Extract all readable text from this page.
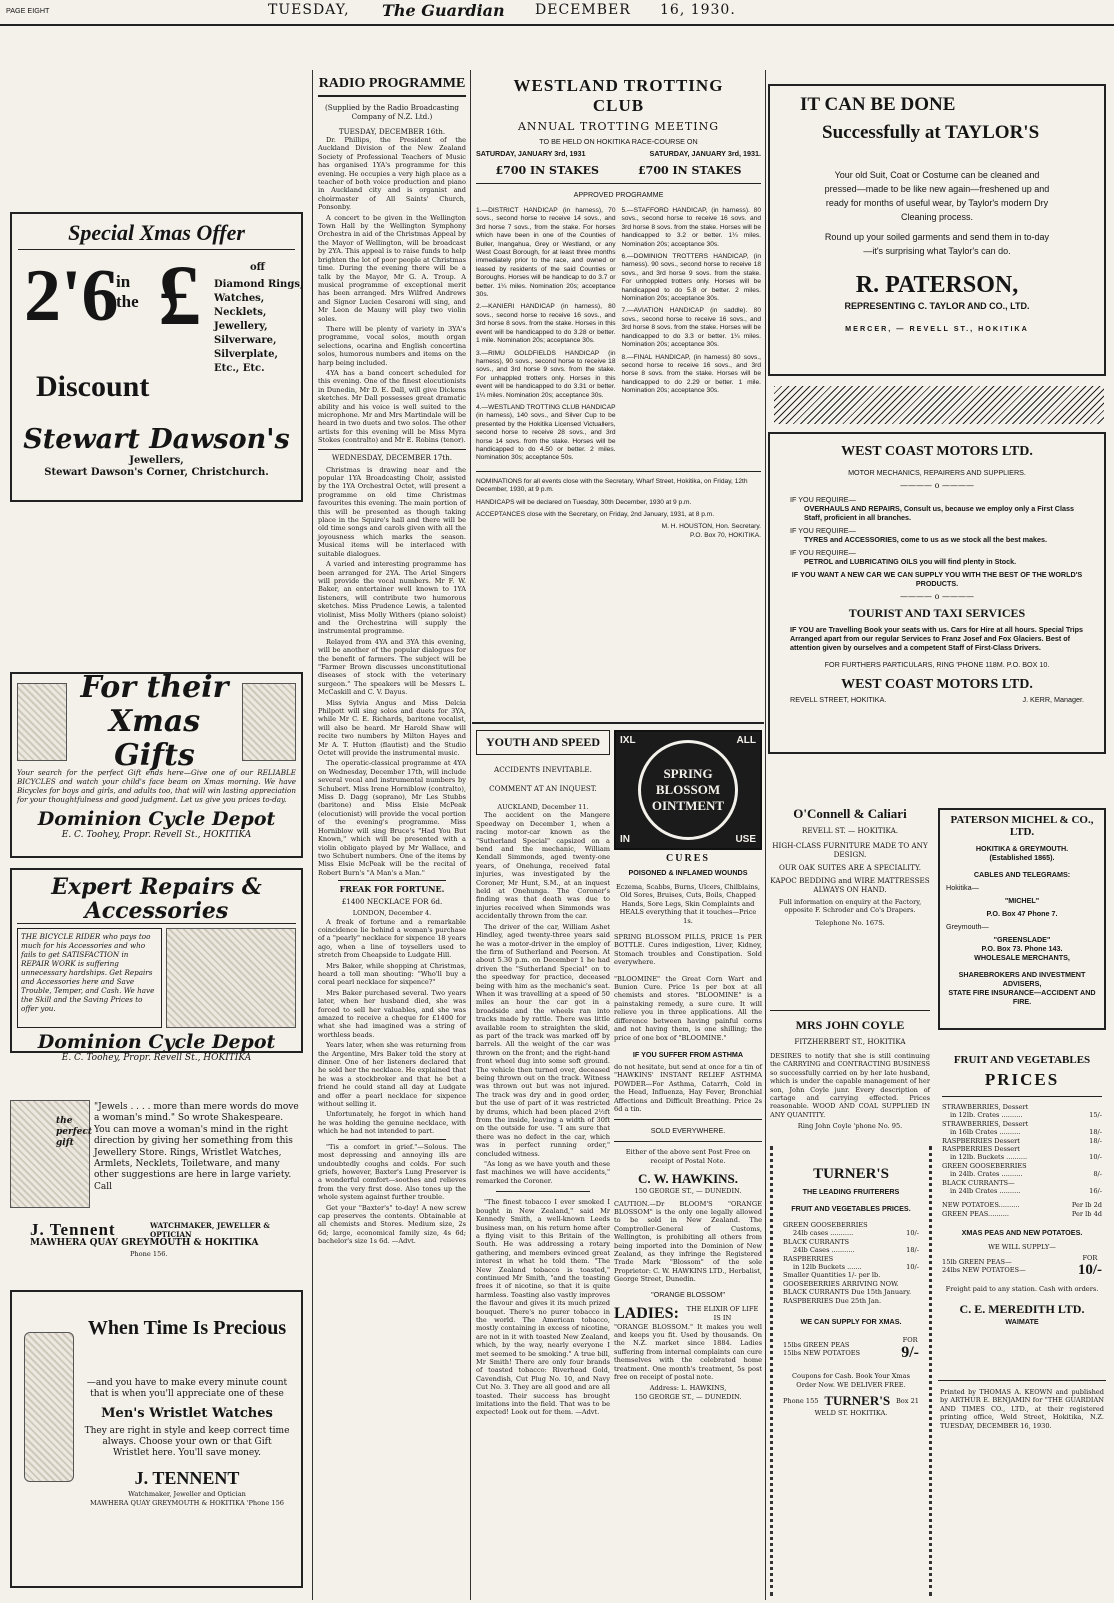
PAGE EIGHT	TUESDAY, The Guardian DECEMBER 16, 1930.
Special Xmas Offer
2'6
in the £	off
Diamond Rings,
Watches,
Necklets,
Jewellery,
Silverware,
Silverplate,
Etc., Etc.
Discount
Stewart Dawson's
Jewellers,
Stewart Dawson's Corner, Christchurch.
For their Xmas Gifts
Your search for the perfect Gift ends here—Give one of our RELIABLE BICYCLES and watch your child's face beam on Xmas morning. We have Bicycles for boys and girls, and adults too, that will win lasting appreciation for your thoughtfulness and good judgment. Let us give you prices to-day.
Dominion Cycle Depot
E. C. Toohey, Propr. Revell St., HOKITIKA
Expert Repairs & Accessories
THE BICYCLE RIDER who pays too much for his Accessories and who fails to get SATISFACTION in REPAIR WORK is suffering unnecessary hardships. Get Repairs and Accessories here and Save Trouble, Temper, and Cash. We have the Skill and the Saving Prices to offer you.
Dominion Cycle Depot
E. C. Toohey, Propr. Revell St., HOKITIKA
the perfect gift
"Jewels . . . . more than mere words do move a woman's mind." So wrote Shakespeare. You can move a woman's mind in the right direction by giving her something from this Jewellery Store. Rings, Wristlet Watches, Armlets, Necklets, Toiletware, and many other suggestions are here in large variety. Call
J. Tennent	WATCHMAKER, JEWELLER & OPTICIAN
MAWHERA QUAY GREYMOUTH & HOKITIKA
Phone 156.
When Time Is Precious
—and you have to make every minute count that is when you'll appreciate one of these
Men's Wristlet Watches
They are right in style and keep correct time always. Choose your own or that Gift Wristlet here. You'll save money.
J. TENNENT
Watchmaker, Jeweller and Optician
MAWHERA QUAY GREYMOUTH & HOKITIKA 'Phone 156
RADIO PROGRAMME
(Supplied by the Radio Broadcasting Company of N.Z. Ltd.)
TUESDAY, DECEMBER 16th.
Dr. Phillips, the President of the Auckland Division of the New Zealand Society of Professional Teachers of Music has organised 1YA's programme for this evening. He occupies a very high place as a teacher of both voice production and piano in Auckland city and is organist and choirmaster of All Saints' Church, Ponsonby.
A concert to be given in the Wellington Town Hall by the Wellington Symphony Orchestra in aid of the Christmas Appeal by the Mayor of Wellington, will be broadcast by 2YA. This appeal is to raise funds to help brighten the lot of poor people at Christmas time. During the evening there will be a talk by the Mayor, Mr G. A. Troup. A musical programme of exceptional merit has been arranged. Mrs Wilfred Andrews and Signor Lucien Cesaroni will sing, and Mr Leon de Mauny will play two violin soles.
There will be plenty of variety in 3YA's programme, vocal solos, mouth organ selections, ocarina and English concertina solos, humorous numbers and items on the harp being included.
4YA has a band concert scheduled for this evening. One of the finest elocutionists in Dunedin, Mr D. E. Dall, will give Dickens sketches. Mr Dall possesses great dramatic ability and his voice is well suited to the microphone. Mr and Mrs Martindale will be heard in two duets and two solos. The other artists for this evening will be Miss Myra Stokes (contralto) and Mr E. Robins (tenor).
WEDNESDAY, DECEMBER 17th.
Christmas is drawing near and the popular 1YA Broadcasting Choir, assisted by the 1YA Orchestral Octet, will present a programme on old time Christmas favourites this evening. The main portion of this will be presented as though taking place in the Squire's hall and there will be old time songs and carols given with all the joyousness which marks the season. Musical items will be interlaced with suitable dialogues.
A varied and interesting programme has been arranged for 2YA. The Ariel Singers will provide the vocal numbers. Mr F. W. Baker, an entertainer well known to 1YA listeners, will contribute two humorous sketches. Miss Prudence Lewis, a talented violinist, Miss Molly Withers (piano soloist) and the Orchestrina will supply the instrumental programme.
Relayed from 4YA and 3YA this evening, will be another of the popular dialogues for the benefit of farmers. The subject will be "Farmer Brown discusses unconstitutional diseases of stock with the veterinary surgeon." The speakers will be Messrs L. McCaskill and C. V. Dayus.
Miss Sylvia Angus and Miss Delcia Philpott will sing solos and duets for 3YA, while Mr C. E. Richards, baritone vocalist, will also be heard. Mr Harold Shaw will recite two numbers by Milton Hayes and Mr A. T. Hutton (flautist) and the Studio Octet will provide the instrumental music.
The operatic-classical programme at 4YA on Wednesday, December 17th, will include several vocal and instrumental numbers by Schubert. Miss Irene Horniblow (contralto), Miss D. Dagg (soprano), Mr Les Stubbs (baritone) and Miss Elsie McPeak (elocutionist) will provide the vocal portion of the evening's programme. Miss Horniblow will sing Bruce's "Had You But Known," which will be presented with a violin obligato played by Mr Wallace, and two Schubert numbers. One of the items by Miss Elsie McPeak will be the recital of Robert Burn's "A Man's a Man."
FREAK FOR FORTUNE.
£1400 NECKLACE FOR 6d.
LONDON, December 4.
A freak of fortune and a remarkable coincidence lie behind a woman's purchase of a "pearly" necklace for sixpence 18 years ago, when a line of toysellers used to stretch from Cheapside to Ludgate Hill.
Mrs Baker, while shopping at Christmas, heard a toll man shouting: "Who'll buy a coral pearl necklace for sixpence?"
Mrs Baker purchased several. Two years later, when her husband died, she was forced to sell her valuables, and she was amazed to receive a cheque for £1400 for what she had imagined was a string of worthless beads.
Years later, when she was returning from the Argentine, Mrs Baker told the story at dinner. One of her listeners declared that he sold her the necklace. He explained that he was a stockbroker and that he bet a friend he could stand all day at Ludgate and offer a pearl necklace for sixpence without selling it.
Unfortunately, he forgot in which hand he was holding the genuine necklace, with which he had not intended to part.
"Tis a comfort in grief."—Solous. The most depressing and annoying ills are undoubtedly coughs and colds. For such griefs, however, Baxter's Lung Preserver is a wonderful comfort—soothes and relieves from the very first dose. Also tones up the whole system against further trouble.
Get your "Baxter's" to-day! A new screw cap preserves the contents. Obtainable at all chemists and Stores. Medium size, 2s 6d; large, economical family size, 4s 6d; bachelor's size 1s 6d. —Advt.
WESTLAND TROTTING
CLUB
ANNUAL TROTTING MEETING
TO BE HELD ON HOKITIKA RACE-COURSE ON
SATURDAY, JANUARY 3rd, 1931	SATURDAY, JANUARY 3rd, 1931.
£700 IN STAKES	£700 IN STAKES
APPROVED PROGRAMME
1.—DISTRICT HANDICAP (in harness), 70 sovs., second horse to receive 14 sovs., and 3rd horse 7 sovs., from the stake. For horses which have been in one of the Counties of Buller, Inangahua, Grey or Westland, or any West Coast Borough, for at least three months immediately prior to the race, and owned or leased by residents of the said Counties or Boroughs. Horses will be handicap to do 3.7 or better. 1¼ miles. Nomination 20s; acceptance 30s.
2.—KANIERI HANDICAP (in harness), 80 sovs., second horse to receive 16 sovs., and 3rd horse 8 sovs. from the stake. Horses in this event will be handicapped to do 3.28 or better. 1 mile. Nomination 20s; acceptance 30s.
3.—RIMU GOLDFIELDS HANDICAP (in harness), 90 sovs., second horse to receive 18 sovs., and 3rd horse 9 sovs. from the stake. For unhappled trotters only. Horses in this event will be handicapped to do 3.31 or better. 1¼ miles. Nomination 20s; acceptance 30s.
4.—WESTLAND TROTTING CLUB HANDICAP (in harness), 140 sovs., and Silver Cup to be presented by the Hokitika Licensed Victuallers, second horse to receive 28 sovs., and 3rd horse 14 sovs. from the stake. Horses will be handicapped to do 4.50 or better. 2 miles. Nomination 30s; acceptance 50s.
5.—STAFFORD HANDICAP, (in harness). 80 sovs., second horse to receive 16 sovs. and 3rd horse 8 sovs. from the stake. Horses will be handicapped to 3.2 or better. 1¼ miles. Nomination 20s; acceptance 30s.
6.—DOMINION TROTTERS HANDICAP, (in harness). 90 sovs., second horse to receive 18 sovs., and 3rd horse 9 sovs. from the stake. For unhoppled trotters only. Horses will be handicapped to do 5.8 or better. 2 miles. Nomination 20s; acceptance 30s.
7.—AVIATION HANDICAP (in saddle). 80 sovs., second horse to receive 16 sovs., and 3rd horse 8 sovs. from the stake. Horses will be handicapped to do 3.3 or better. 1¼ miles. Nomination 20s; acceptance 30s.
8.—FINAL HANDICAP, (in harness) 80 sovs., second horse to receive 16 sovs., and 3rd horse 8 sovs. from the stake. Horses will be handicapped to do 2.29 or better. 1 mile. Nomination 20s; acceptance 30s.
NOMINATIONS for all events close with the Secretary, Wharf Street, Hokitika, on Friday, 12th December, 1930, at 9 p.m.
HANDICAPS will be declared on Tuesday, 30th December, 1930 at 9 p.m.
ACCEPTANCES close with the Secretary, on Friday, 2nd January, 1931, at 8 p.m.
M. H. HOUSTON, Hon. Secretary.
P.O. Box 70, HOKITIKA.
YOUTH AND SPEED
ACCIDENTS INEVITABLE.
COMMENT AT AN INQUEST.
AUCKLAND, December 11.
The accident on the Mangere Speedway on December 1, when a racing motor-car known as the "Sutherland Special" capsized on a bend and the mechanic, William Kendall Simmonds, aged twenty-one years, of Onehunga, received fatal injuries, was investigated by the Coroner, Mr Hunt, S.M., at an inquest held at Onehunga. The Coroner's finding was that death was due to injuries received when Simmonds was accidentally thrown from the car.
The driver of the car, William Ashet Hindley, aged twenty-three years said he was a motor-driver in the employ of the firm of Sutherland and Peerson. At about 5.30 p.m. on December 1 he had driven the "Sutherland Special" on to the speedway for practice, deceased being with him as the mechanic's seat. When it was travelling at a speed of 50 miles an hour the car got in a broadside and the wheels ran into tracks made by rattle. There was little available room to straighten the skid, as part of the track was marked off by barrels. All the weight of the car was thrown on the front; and the right-hand front wheel dug into some soft ground. The vehicle then turned over, deceased being thrown out on the track. Witness was thrown out but was not injured. The track was dry and in good order, but the use of part of it was restricted by drums, which had been placed 2½ft from the inside, leaving a width of 30ft on the outside for use. "I am sure that there was no defect in the car, which was in perfect running order," concluded witness.
"As long as we have youth and these fast machines we will have accidents," remarked the Coroner.
"The finest tobacco I ever smoked I bought in New Zealand," said Mr Kennedy Smith, a well-known Leeds business man, on his return home after a flying visit to this Britain of the South. He was addressing a rotary gathering, and members evinced great interest in what he told them. "The New Zealand tobacco is toasted," continued Mr Smith, "and the toasting frees it of nicotine, so that it is quite harmless. Toasting also vastly improves the flavour and gives it its much prized bouquet. There's no purer tobacco in the world. The American tobacco, mostly containing in excess of nicotine, are not in it with toasted New Zealand, which, by the way, nearly everyone I met seemed to be smoking." A true bill, Mr Smith! There are only four brands of toasted tobacco: Riverhead Gold, Cavendish, Cut Plug No. 10, and Navy Cut No. 3. They are all good and are all toasted. Their success has brought imitations into the field. That was to be expected! Look out for them. —Advt.
IXL	ALL
IN	USE
SPRING BLOSSOM OINTMENT
CURES
POISONED & INFLAMED WOUNDS
Eczema, Scabbs, Burns, Ulcers, Chilblains, Old Sores, Bruises, Cuts, Boils, Chapped Hands, Sore Legs, Skin Complaints and HEALS everything that it touches—Price 1s.
SPRING BLOSSOM PILLS, PRICE 1s PER BOTTLE. Cures indigestion, Liver, Kidney, Stomach troubles and Constipation. Sold everywhere.
"BLOOMINE" the Great Corn Wart and Bunion Cure. Price 1s per box at all chemists and stores. "BLOOMINE" is a painstaking remedy, a sure cure. It will relieve you in three applications. All the difference between having painful corns and not having them, is one shilling; the price of one box of "BLOOMINE."
IF YOU SUFFER FROM ASTHMA
do not hesitate, but send at once for a tin of "HAWKINS' INSTANT RELIEF ASTHMA POWDER—For Asthma, Catarrh, Cold in the Head, Influenza, Hay Fever, Bronchial Affections and Difficult Breathing. Price 2s 6d a tin.
SOLD EVERYWHERE.
Either of the above sent Post Free on receipt of Postal Note.
C. W. HAWKINS.
150 GEORGE ST., — DUNEDIN.
CAUTION.—Dr BLOOM'S "ORANGE BLOSSOM" is the only one legally allowed to be sold in New Zealand. The Comptroller-General of Customs, Wellington, is prohibiting all others from being imported into the Dominion of New Zealand, as they infringe the Registered Trade Mark "Blossom" of the sole Proprietor: C. W. HAWKINS LTD., Herbalist, George Street, Dunedin.
"ORANGE BLOSSOM"
LADIES:	THE ELIXIR OF LIFE IS IN
"ORANGE BLOSSOM." It makes you well and keeps you fit. Used by thousands. On the N.Z. market since 1884. Ladies suffering from internal complaints can cure themselves with the celebrated home treatment. One month's treatment, 5s post free on receipt of postal note.
Address: L. HAWKINS,
150 GEORGE ST., — DUNEDIN.
IT CAN BE DONE
Successfully at TAYLOR'S
Your old Suit, Coat or Costume can be cleaned and pressed—made to be like new again—freshened up and ready for months of useful wear, by Taylor's modern Dry Cleaning process.
Round up your soiled garments and send them in to-day—it's surprising what Taylor's can do.
R. PATERSON,
REPRESENTING C. TAYLOR AND CO., LTD.
MERCER, — REVELL ST., HOKITIKA
WEST COAST MOTORS LTD.
MOTOR MECHANICS, REPAIRERS AND SUPPLIERS.
———— o ————
IF YOU REQUIRE—
OVERHAULS AND REPAIRS, Consult us, because we employ only a First Class Staff, proficient in all branches.
IF YOU REQUIRE—
TYRES and ACCESSORIES, come to us as we stock all the best makes.
IF YOU REQUIRE—
PETROL and LUBRICATING OILS you will find plenty in Stock.
IF YOU WANT A NEW CAR WE CAN SUPPLY YOU WITH THE BEST OF THE WORLD'S PRODUCTS.
———— o ————
TOURIST AND TAXI SERVICES
IF YOU are Travelling Book your seats with us. Cars for Hire at all hours. Special Trips Arranged apart from our regular Services to Franz Josef and Fox Glaciers. Best of attention given by ourselves and a competent Staff of First-Class Drivers.
FOR FURTHERS PARTICULARS, RING 'PHONE 118M. P.O. BOX 10.
WEST COAST MOTORS LTD.
REVELL STREET, HOKITIKA.	J. KERR, Manager.
O'Connell & Caliari
REVELL ST. — HOKITIKA.
HIGH-CLASS FURNITURE MADE TO ANY DESIGN.
OUR OAK SUITES ARE A SPECIALITY.
KAPOC BEDDING and WIRE MATTRESSES ALWAYS ON HAND.
Full information on enquiry at the Factory, opposite F. Schroder and Co's Drapers.
Telephone No. 167S.
MRS JOHN COYLE
FITZHERBERT ST., HOKITIKA
DESIRES to notify that she is still continuing the CARRYING and CONTRACTING BUSINESS so successfully carried on by her late husband, which is under the capable management of her son, John Coyle junr. Every description of cartage and carrying effected. Prices reasonable. WOOD AND COAL SUPPLIED IN ANY QUANTITY.
Ring John Coyle 'phone No. 95.
TURNER'S
THE LEADING FRUITERERS
FRUIT AND VEGETABLES PRICES.
GREEN GOOSEBERRIES
24lb cases ...........	10/-
BLACK CURRANTS
24lb Cases ...........	18/-
RASPBERRIES
in 12lb Buckets .......	10/-
Smaller Quantities 1/- per lb.
GOOSEBERRIES ARRIVING NOW.
BLACK CURRANTS Due 15th January.
RASPBERRIES Due 25th Jan.
WE CAN SUPPLY FOR XMAS.
15lbs GREEN PEAS
15lbs NEW POTATOES
FOR
9/-
Coupons for Cash. Book Your Xmas Order Now. WE DELIVER FREE.
Phone 155 TURNER'S Box 21
WELD ST. HOKITIKA.
PATERSON MICHEL & CO., LTD.
HOKITIKA & GREYMOUTH.
(Established 1865).
CABLES AND TELEGRAMS:
Hokitika—
"MICHEL"
P.O. Box 47 Phone 7.
Greymouth—
"GREENSLADE"
P.O. Box 73. Phone 143.
WHOLESALE MERCHANTS,
SHAREBROKERS AND INVESTMENT ADVISERS,
STATE FIRE INSURANCE—ACCIDENT AND FIRE.
FRUIT AND VEGETABLES
PRICES
STRAWBERRIES, Dessert
in 12lb. Crates ..........	15/-
STRAWBERRIES, Dessert
in 16lb Crates ..........	18/-
RASPBERRIES Dessert	18/-
RASPBERRIES Dessert
in 12lb. Buckets ..........	10/-
GREEN GOOSEBERRIES
in 24lb. Crates ..........	8/-
BLACK CURRANTS—
in 24lb Crates ..........	16/-
NEW POTATOES..........	Per lb 2d
GREEN PEAS..........	Per lb 4d
XMAS PEAS AND NEW POTATOES.
WE WILL SUPPLY—
15lb GREEN PEAS—
24lbs NEW POTATOES—
FOR
10/-
Freight paid to any station. Cash with orders.
C. E. MEREDITH LTD.
WAIMATE
Printed by THOMAS A. KEOWN and published by ARTHUR E. BENJAMIN for "THE GUARDIAN AND TIMES CO., LTD., at their registered printing office, Weld Street, Hokitika, N.Z. TUESDAY, DECEMBER 16, 1930.
